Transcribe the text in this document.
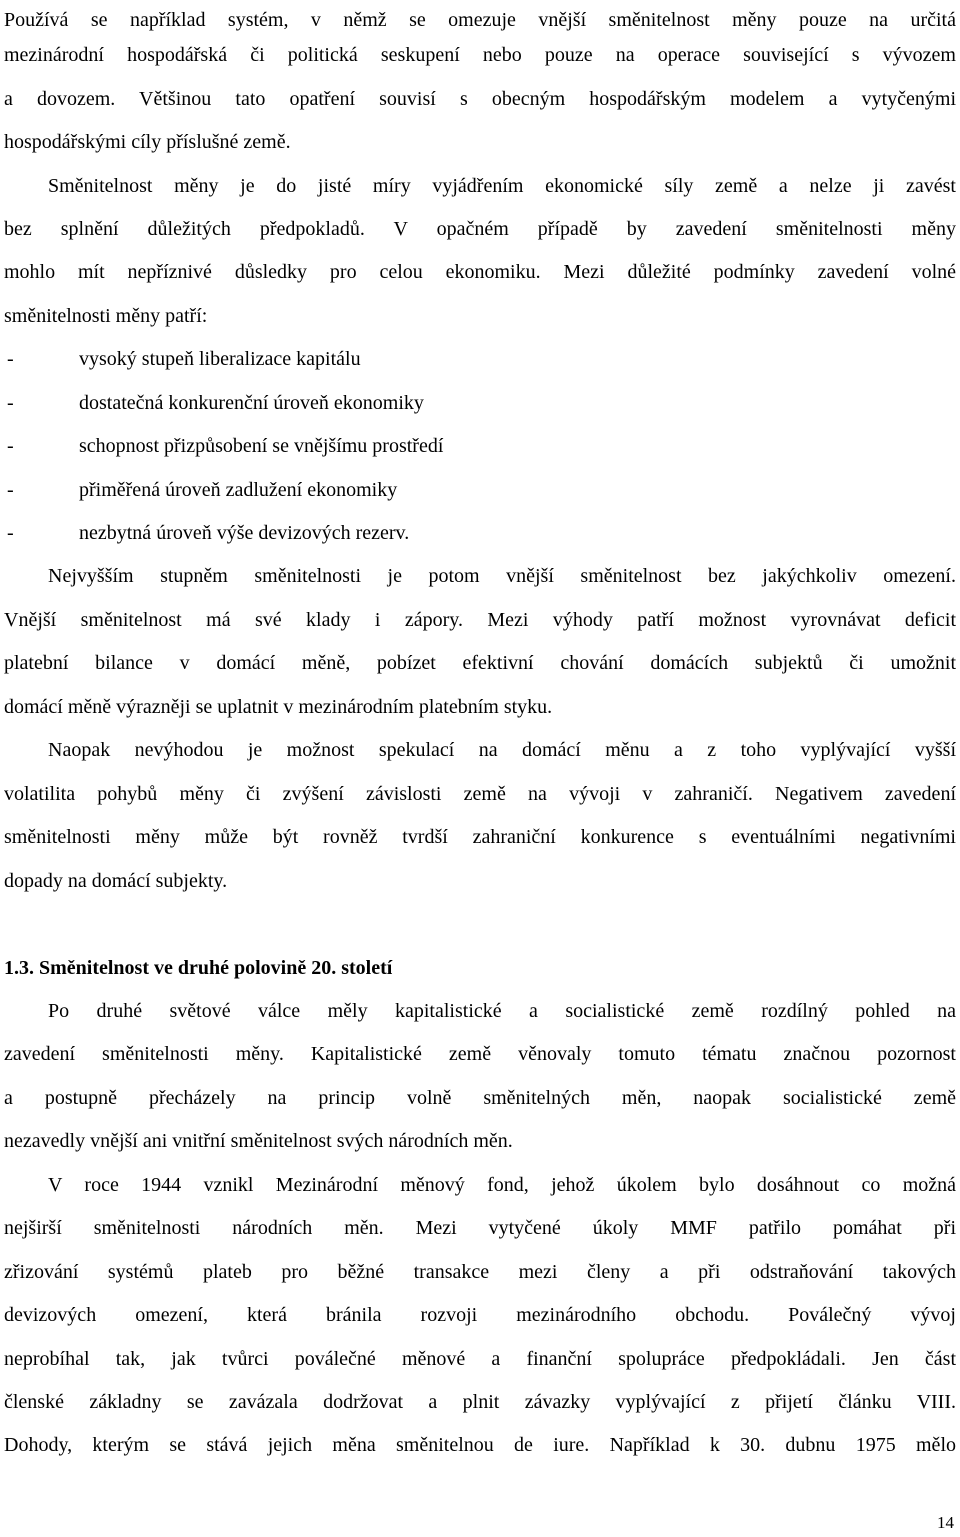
Používá se například systém, v němž se omezuje vnější směnitelnost měny pouze na určitá
mezinárodní hospodářská či politická seskupení nebo pouze na operace související s vývozem
a dovozem. Většinou tato opatření souvisí s obecným hospodářským modelem a vytyčenými
hospodářskými cíly příslušné země.
Směnitelnost měny je do jisté míry vyjádřením ekonomické síly země a nelze ji zavést
bez splnění důležitých předpokladů. V opačném případě by zavedení směnitelnosti měny
mohlo mít nepříznivé důsledky pro celou ekonomiku. Mezi důležité podmínky zavedení volné
směnitelnosti měny patří:
-	vysoký stupeň liberalizace kapitálu
-	dostatečná konkurenční úroveň ekonomiky
-	schopnost přizpůsobení se vnějšímu prostředí
-	přiměřená úroveň zadlužení ekonomiky
-	nezbytná úroveň výše devizových rezerv.
Nejvyšším stupněm směnitelnosti je potom vnější směnitelnost bez jakýchkoliv omezení.
Vnější směnitelnost má své klady i zápory. Mezi výhody patří možnost vyrovnávat deficit
platební bilance v domácí měně, pobízet efektivní chování domácích subjektů či umožnit
domácí měně výrazněji se uplatnit v mezinárodním platebním styku.
Naopak nevýhodou je možnost spekulací na domácí měnu a z toho vyplývající vyšší
volatilita pohybů měny či zvýšení závislosti země na vývoji v zahraničí. Negativem zavedení
směnitelnosti měny může být rovněž tvrdší zahraniční konkurence s eventuálními negativními
dopady na domácí subjekty.
1.3. Směnitelnost ve druhé polovině 20. století
Po druhé světové válce měly kapitalistické a socialistické země rozdílný pohled na
zavedení směnitelnosti měny. Kapitalistické země věnovaly tomuto tématu značnou pozornost
a postupně přecházely na princip volně směnitelných měn, naopak socialistické země
nezavedly vnější ani vnitřní směnitelnost svých národních měn.
V roce 1944 vznikl Mezinárodní měnový fond, jehož úkolem bylo dosáhnout co možná
nejširší směnitelnosti národních měn. Mezi vytyčené úkoly MMF patřilo pomáhat při
zřizování systémů plateb pro běžné transakce mezi členy a při odstraňování takových
devizových omezení, která bránila rozvoji mezinárodního obchodu. Poválečný vývoj
neprobíhal tak, jak tvůrci poválečné měnové a finanční spolupráce předpokládali. Jen část
členské základny se zavázala dodržovat a plnit závazky vyplývající z přijetí článku VIII.
Dohody, kterým se stává jejich měna směnitelnou de iure. Například k 30. dubnu 1975 mělo
14
